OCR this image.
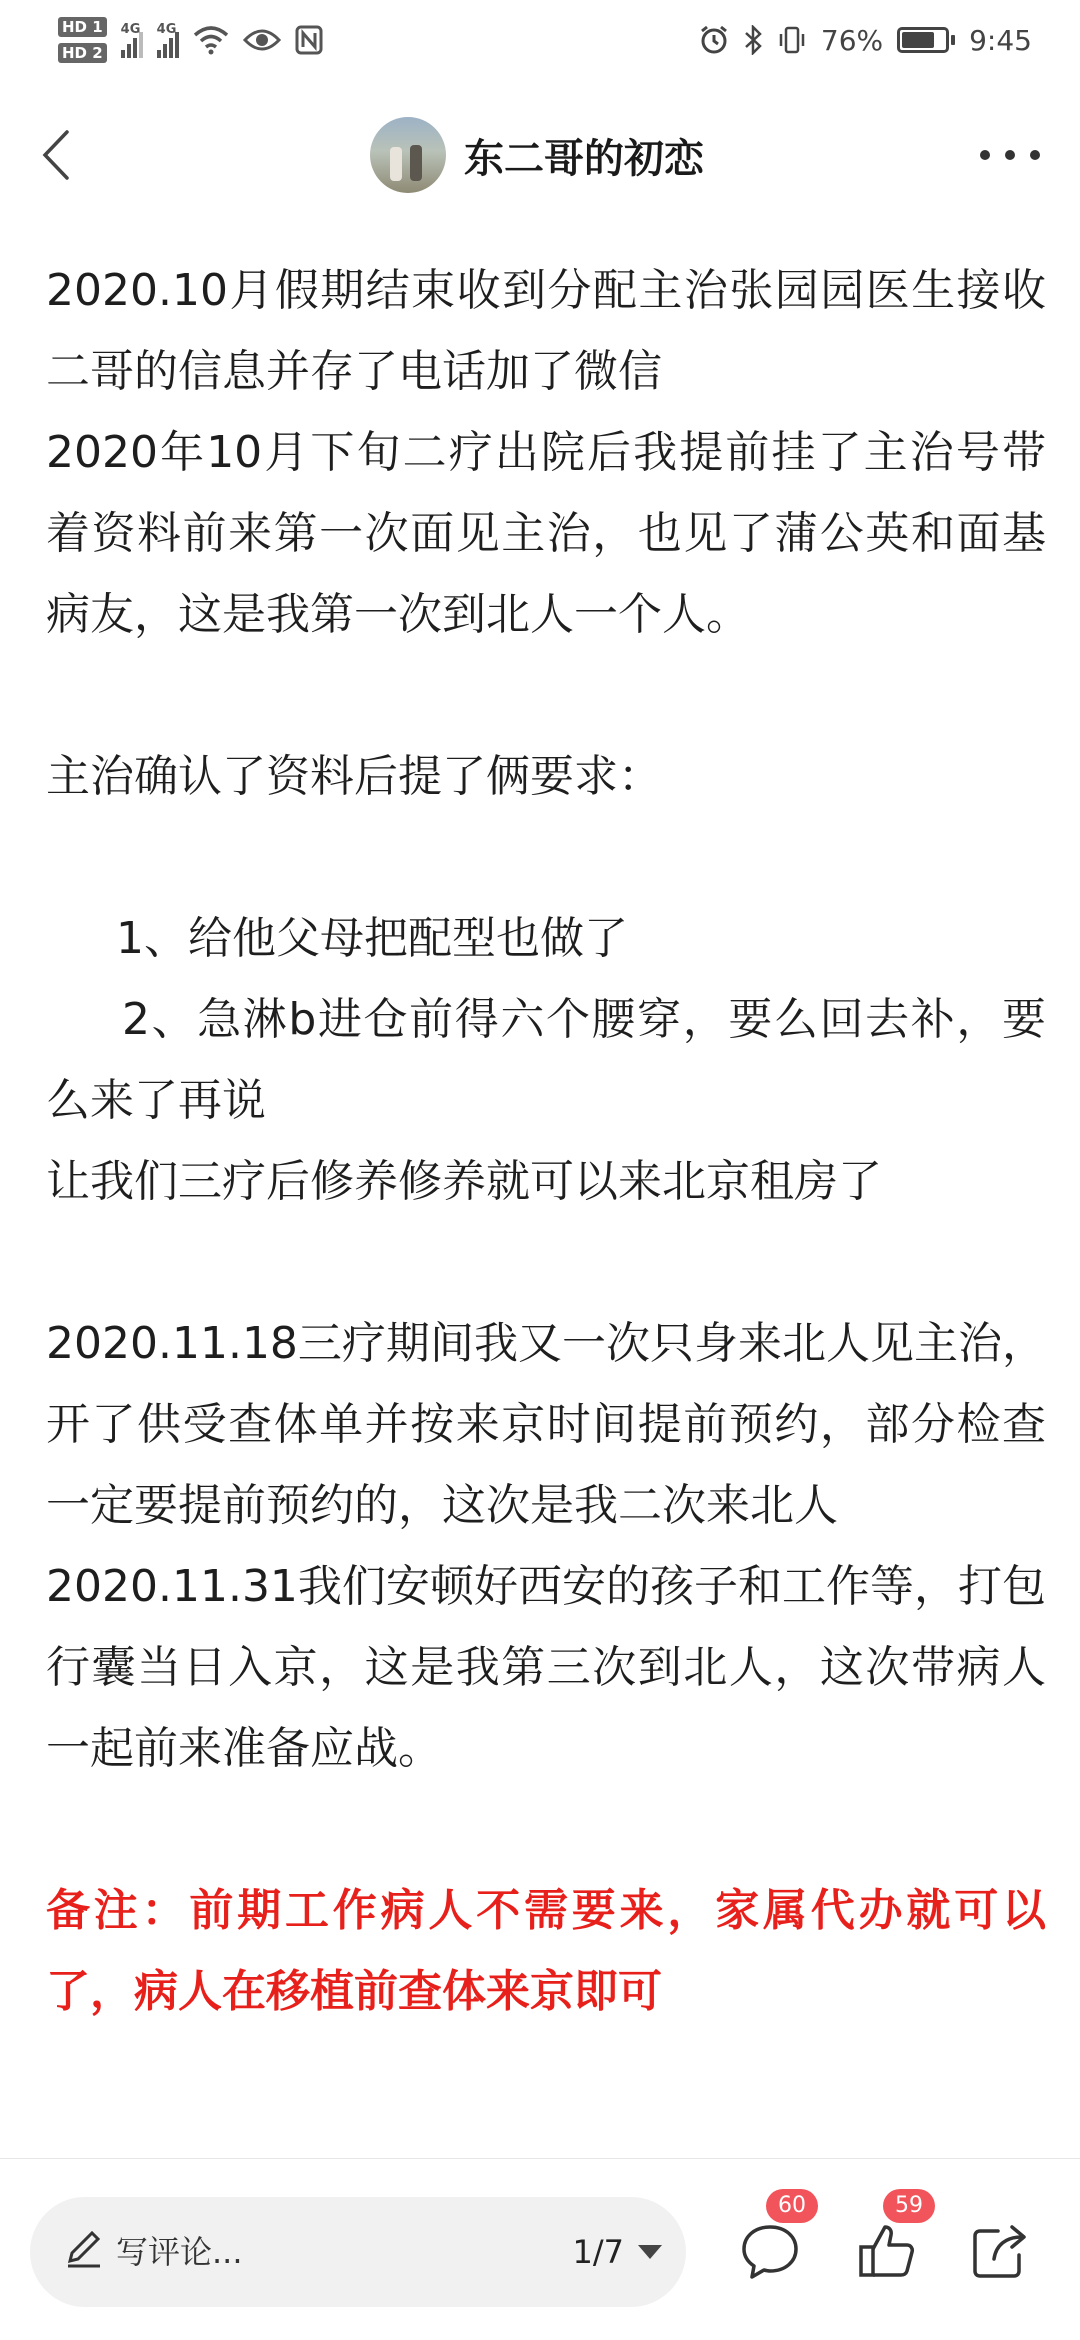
HD 1
HD 2
4G 4G	76%	9:45
东二哥的初恋

2020.10月假期结束收到分配主治张园园医生接收二哥的信息并存了电话加了微信

2020年10月下旬二疗出院后我提前挂了主治号带着资料前来第一次面见主治，也见了蒲公英和面基病友，这是我第一次到北人一个人。

主治确认了资料后提了俩要求：

1、给他父母把配型也做了

2、急淋b进仓前得六个腰穿，要么回去补，要么来了再说

让我们三疗后修养修养就可以来北京租房了

2020.11.18三疗期间我又一次只身来北人见主治，开了供受查体单并按来京时间提前预约，部分检查一定要提前预约的，这次是我二次来北人

2020.11.31我们安顿好西安的孩子和工作等，打包行囊当日入京，这是我第三次到北人，这次带病人一起前来准备应战。

备注：前期工作病人不需要来，家属代办就可以了，病人在移植前查体来京即可

写评论...	1/7
60	59
